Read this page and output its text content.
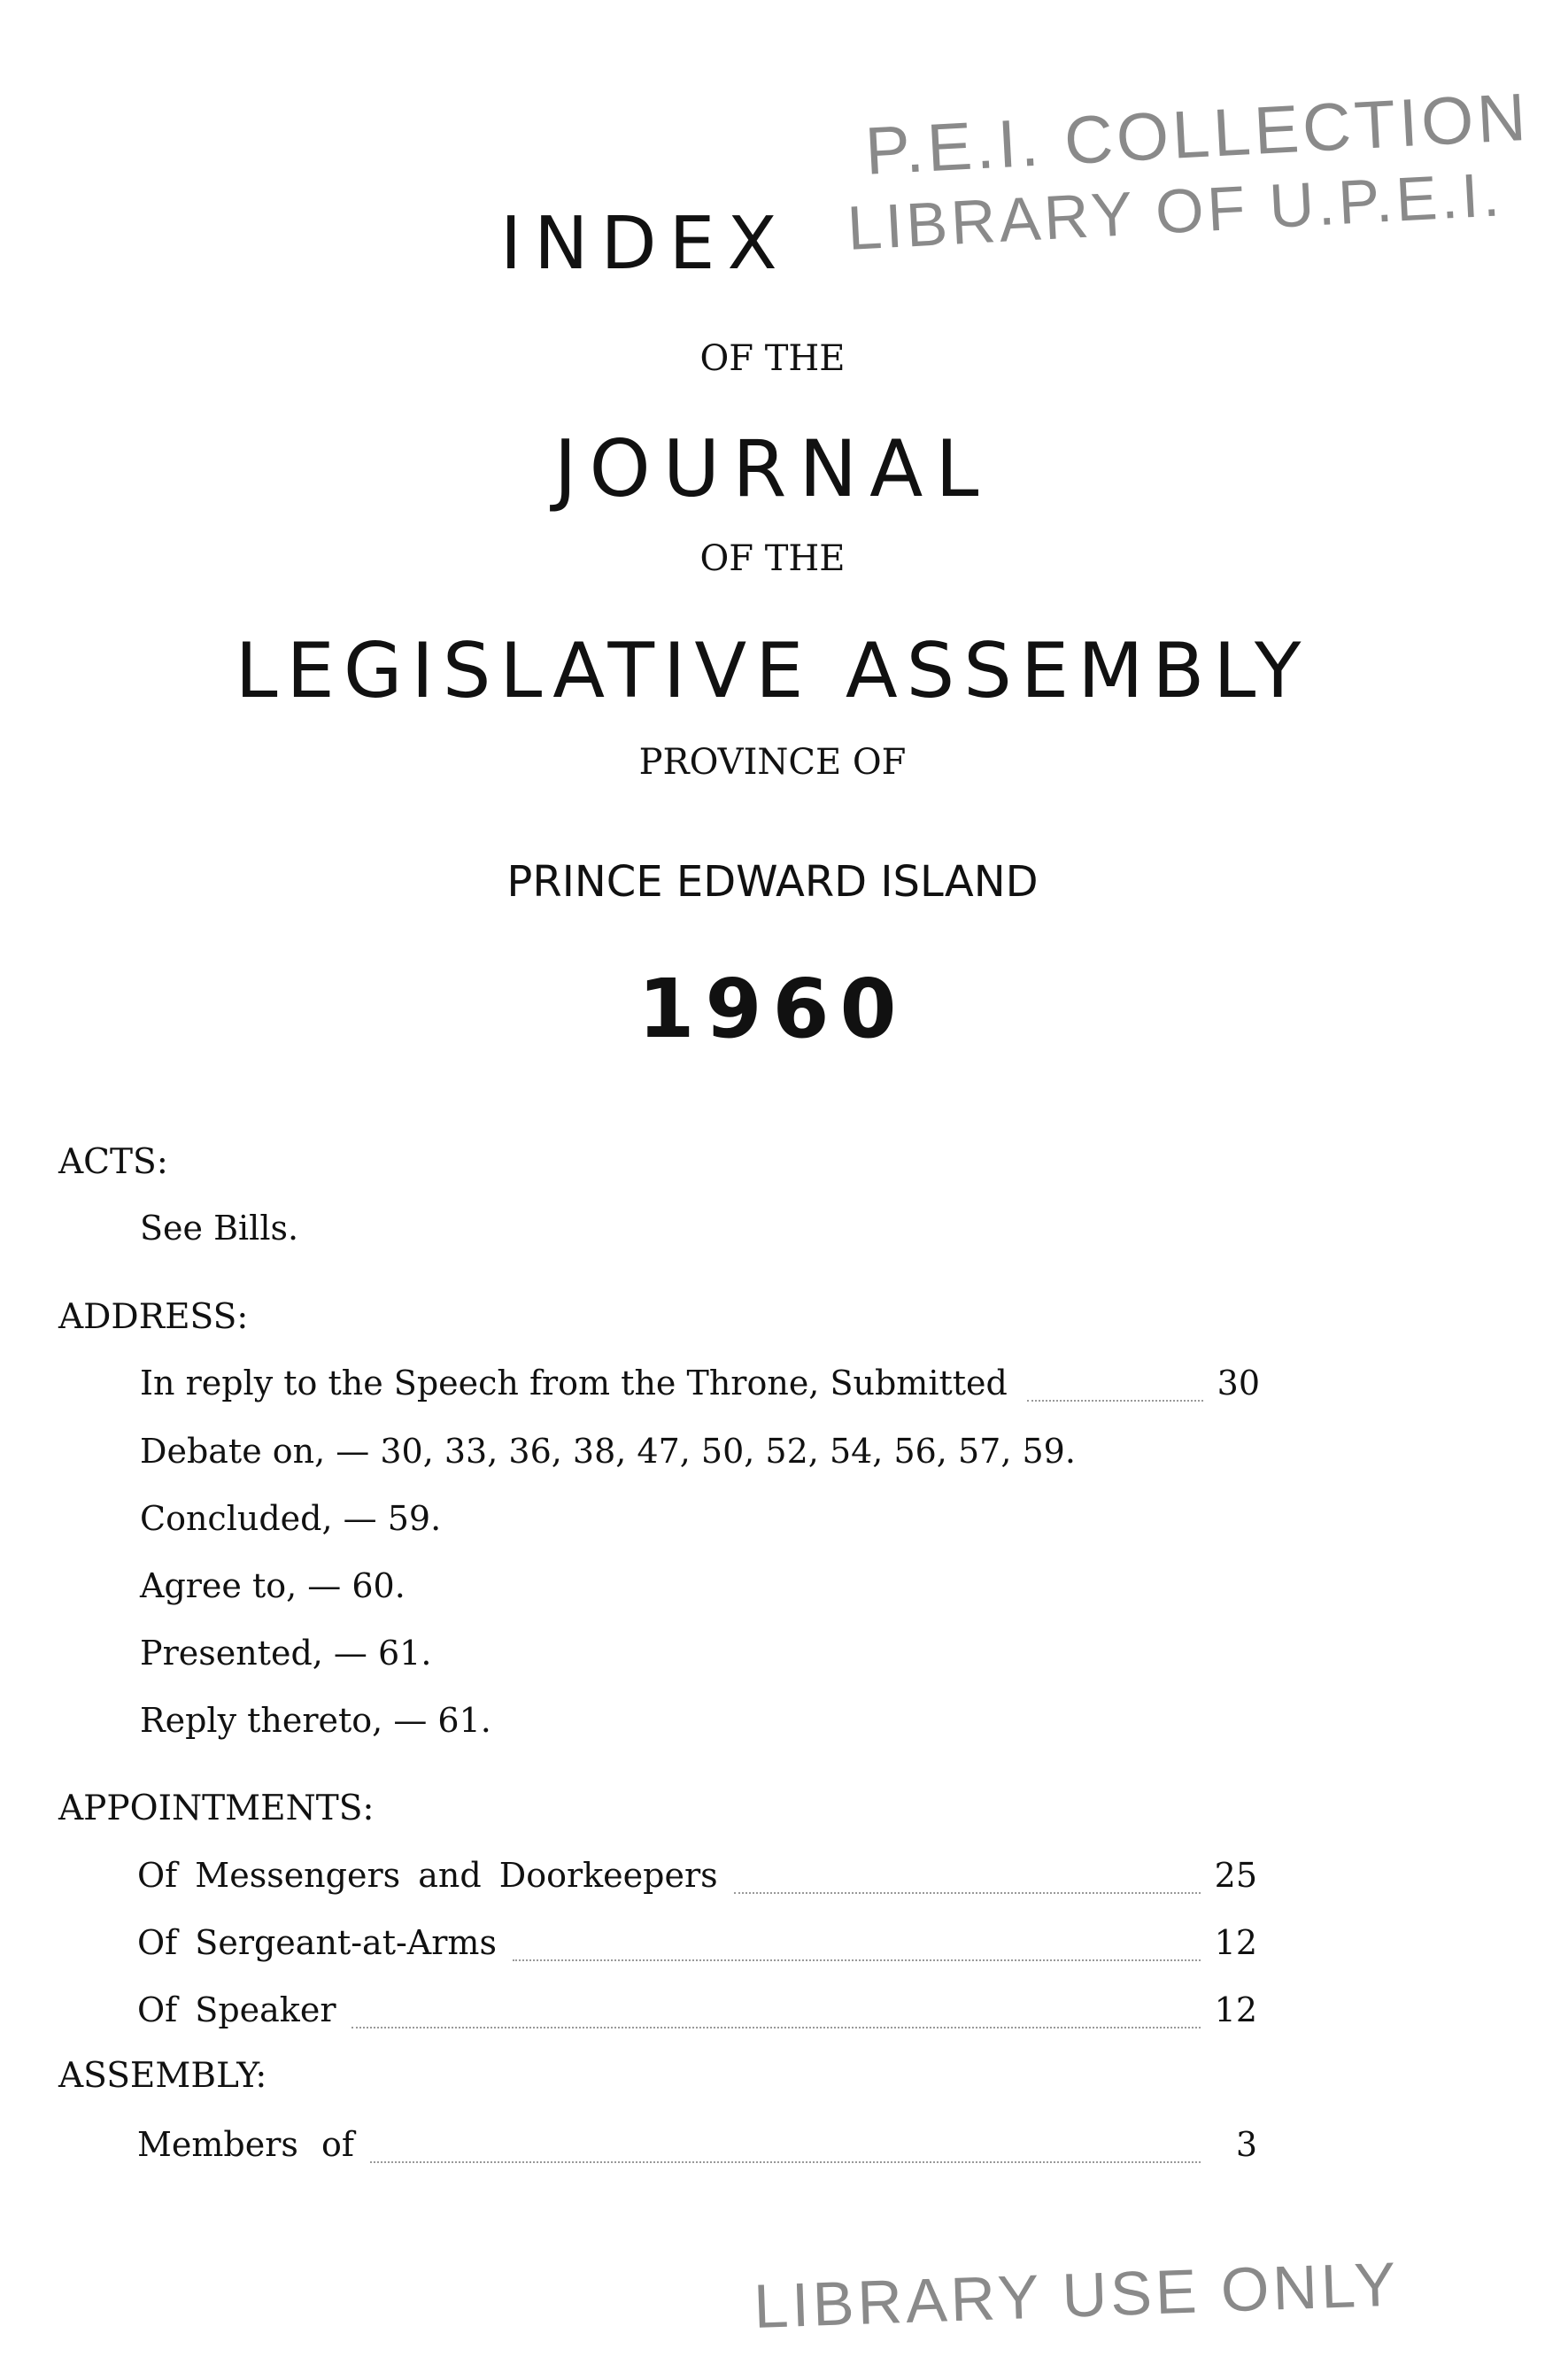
P.E.I. COLLECTION
LIBRARY OF U.P.E.I.
INDEX
OF THE
JOURNAL
OF THE
LEGISLATIVE ASSEMBLY
PROVINCE OF
PRINCE EDWARD ISLAND
1960
ACTS:
See Bills.
ADDRESS:
In reply to the Speech from the Throne, Submitted	30
Debate on, — 30, 33, 36, 38, 47, 50, 52, 54, 56, 57, 59.
Concluded, — 59.
Agree to, — 60.
Presented, — 61.
Reply thereto, — 61.
APPOINTMENTS:
Of Messengers and Doorkeepers	25
Of Sergeant-at-Arms	12
Of Speaker	12
ASSEMBLY:
Members of	3
LIBRARY USE ONLY
